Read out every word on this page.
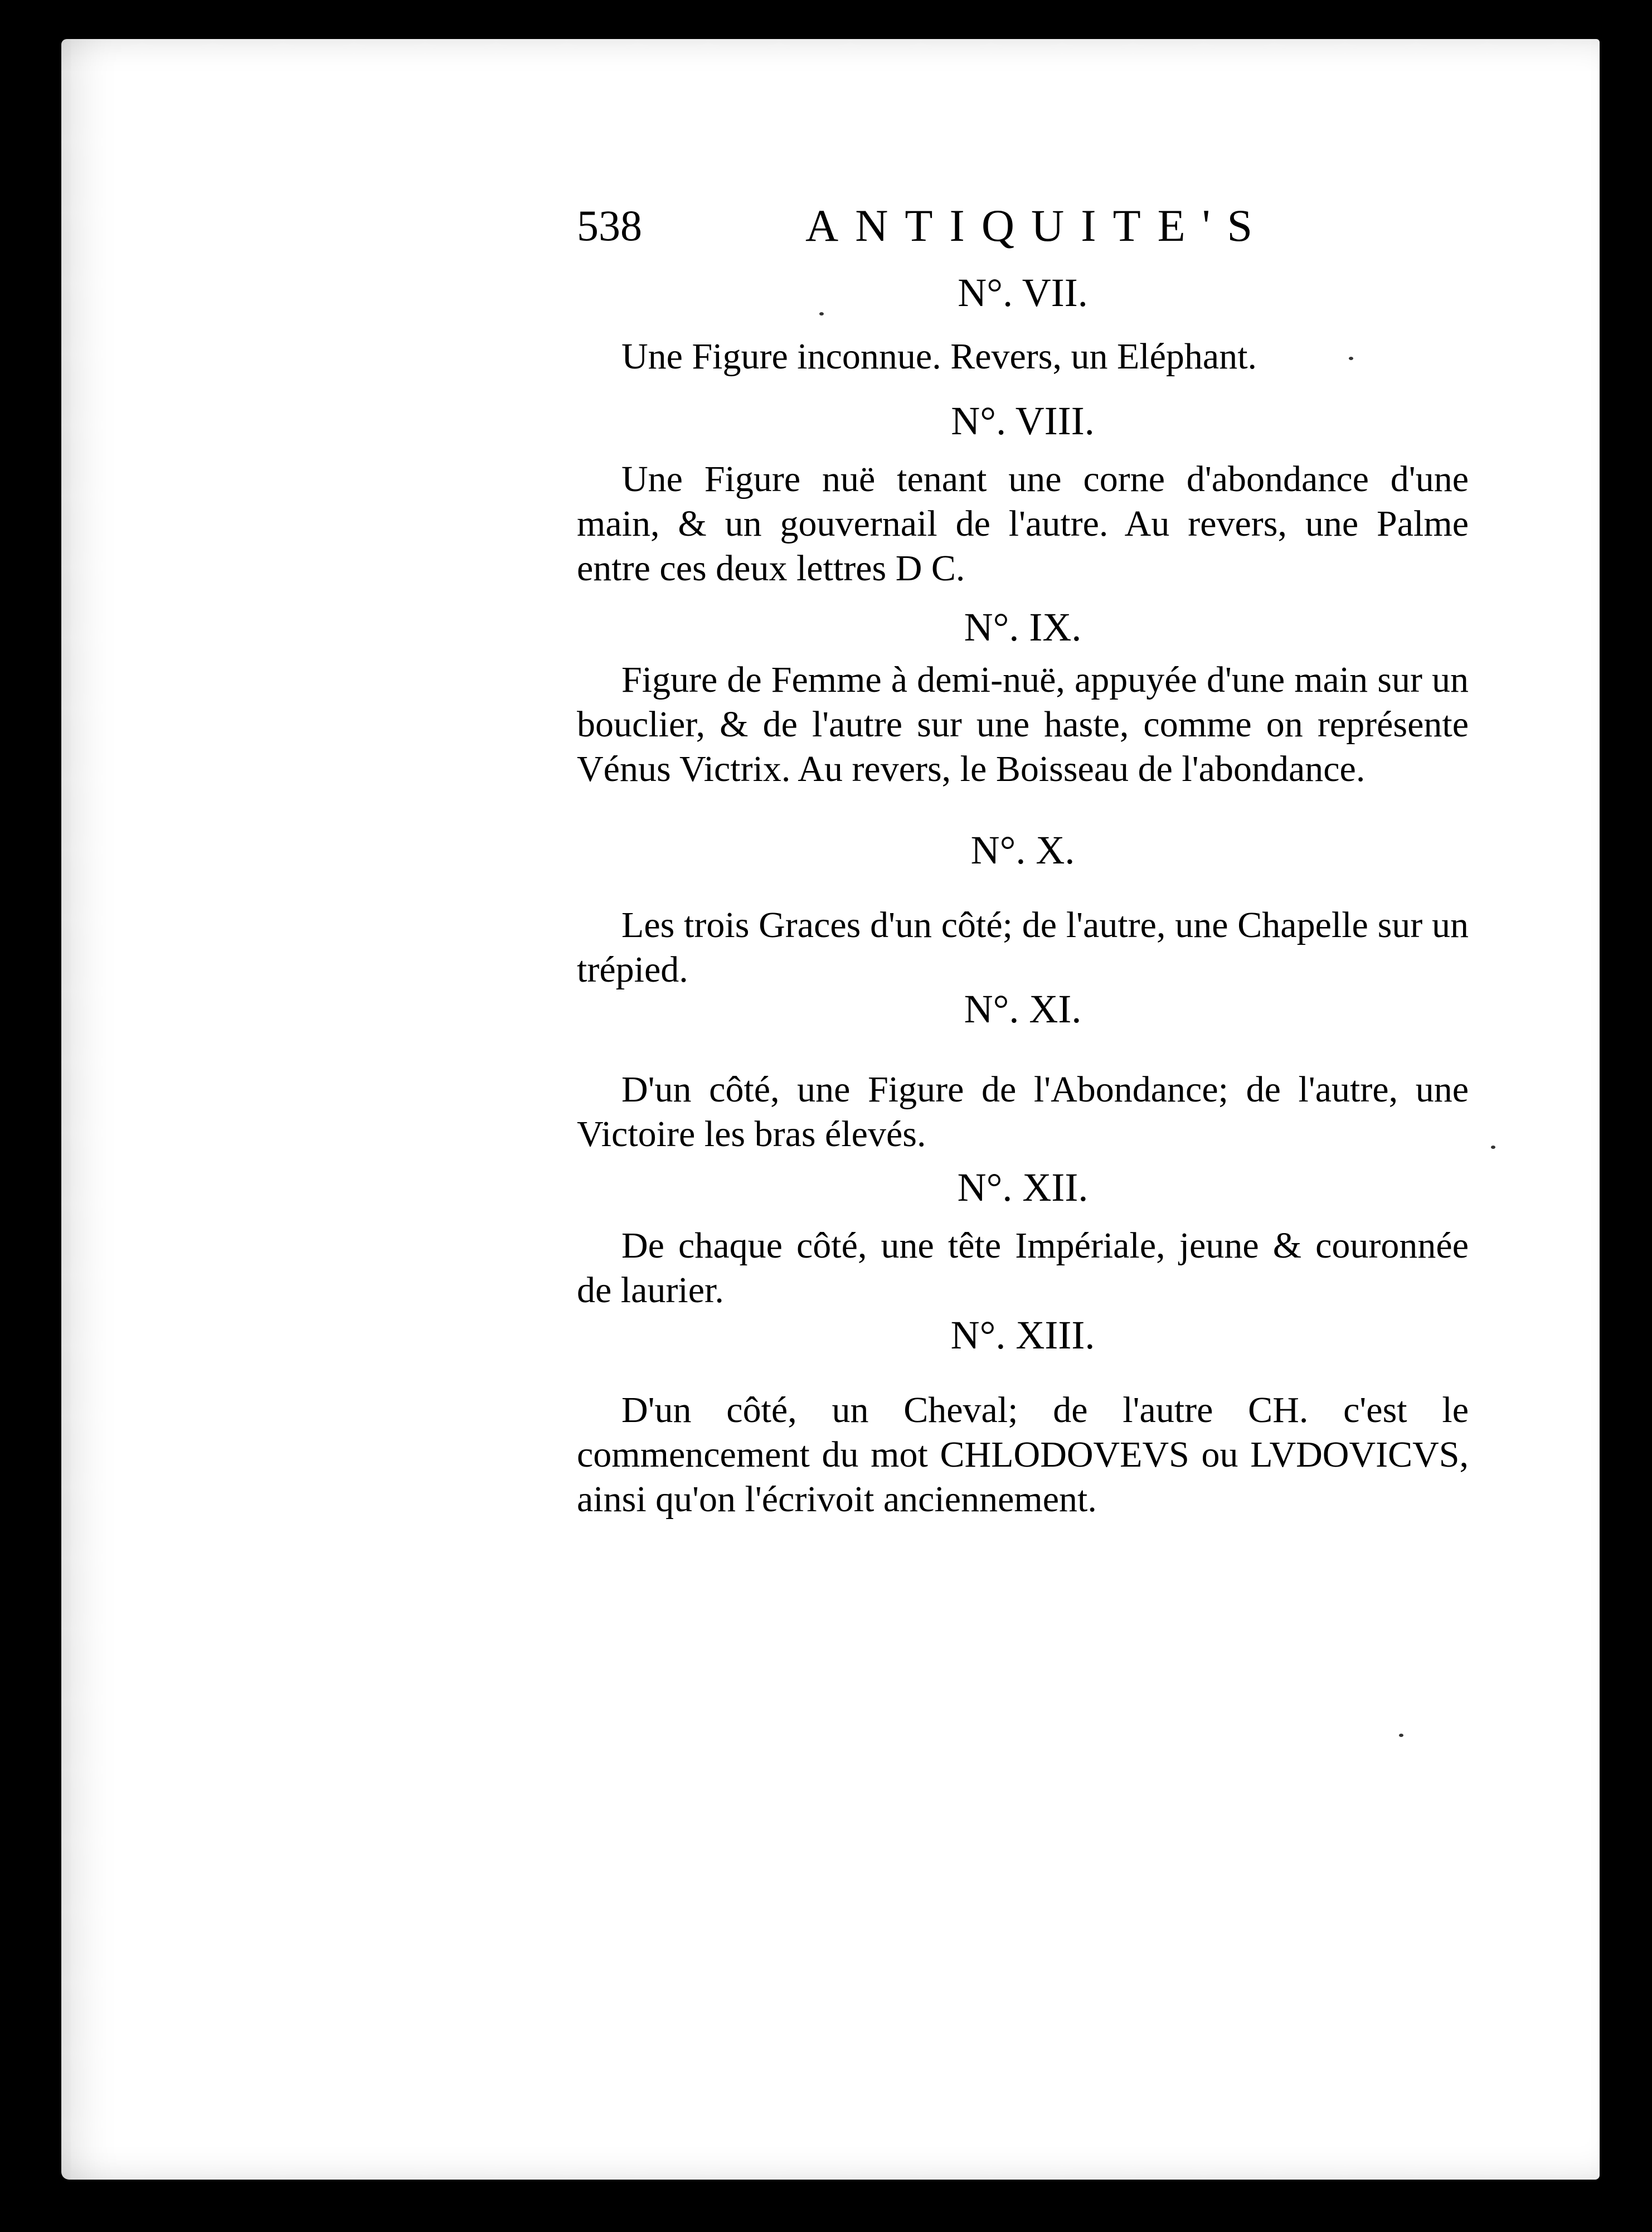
538	ANTIQUITE'S
N°. VII.

Une Figure inconnue. Revers, un Eléphant.

N°. VIII.

Une Figure nuë tenant une corne d'abondance d'une main, & un gouvernail de l'autre. Au revers, une Palme entre ces deux lettres D C.

N°. IX.

Figure de Femme à demi-nuë, appuyée d'une main sur un bouclier, & de l'autre sur une haste, comme on représente Vénus Victrix. Au revers, le Boisseau de l'abondance.

N°. X.

Les trois Graces d'un côté; de l'autre, une Chapelle sur un trépied.

N°. XI.

D'un côté, une Figure de l'Abondance; de l'autre, une Victoire les bras élevés.

N°. XII.

De chaque côté, une tête Impériale, jeune & couronnée de laurier.

N°. XIII.

D'un côté, un Cheval; de l'autre CH. c'est le commencement du mot CHLODOVEVS ou LVDOVICVS, ainsi qu'on l'écrivoit anciennement.
